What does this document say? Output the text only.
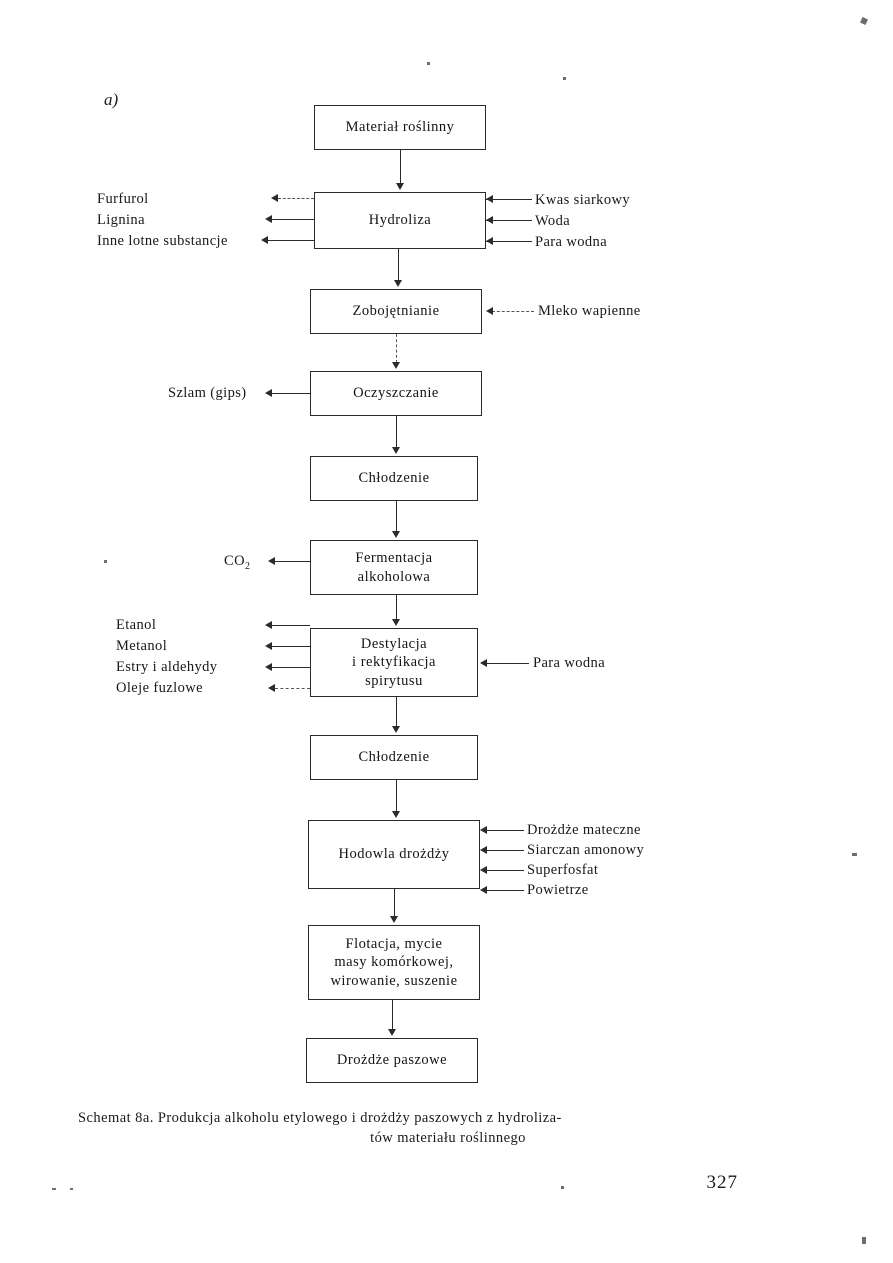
a)
Materiał roślinny
Hydroliza
Zobojętnianie
Oczyszczanie
Chłodzenie
Fermentacja
alkoholowa
Destylacja
i rektyfikacja
spirytusu
Chłodzenie
Hodowla drożdży
Flotacja, mycie
masy komórkowej,
wirowanie, suszenie
Drożdże paszowe
Furfurol
Lignina
Inne lotne substancje
Kwas siarkowy
Woda
Para wodna
Mleko wapienne
Szlam (gips)
$CO_2$
Etanol
Metanol
Estry i aldehydy
Oleje fuzlowe
Para wodna
Drożdże mateczne
Siarczan amonowy
Superfosfat
Powietrze
Schemat 8a. Produkcja alkoholu etylowego i drożdży paszowych z hydroliza-
tów materiału roślinnego
327
